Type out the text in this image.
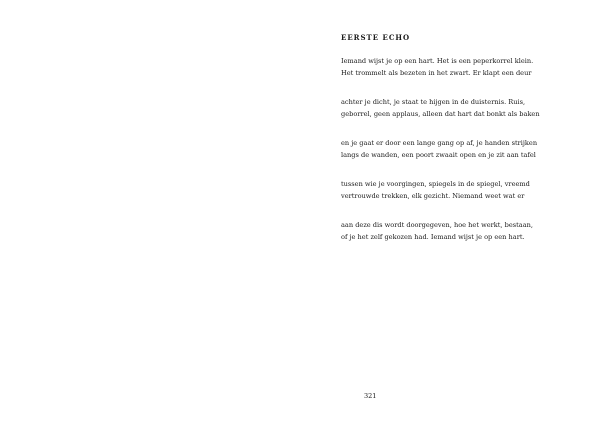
EERSTE ECHO
Iemand wijst je op een hart. Het is een peperkorrel klein.
Het trommelt als bezeten in het zwart. Er klapt een deur
achter je dicht, je staat te hijgen in de duisternis. Ruis,
geborrel, geen applaus, alleen dat hart dat bonkt als baken
en je gaat er door een lange gang op af, je handen strijken
langs de wanden, een poort zwaait open en je zit aan tafel
tussen wie je voorgingen, spiegels in de spiegel, vreemd
vertrouwde trekken, elk gezicht. Niemand weet wat er
aan deze dis wordt doorgegeven, hoe het werkt, bestaan,
of je het zelf gekozen had. Iemand wijst je op een hart.
321
